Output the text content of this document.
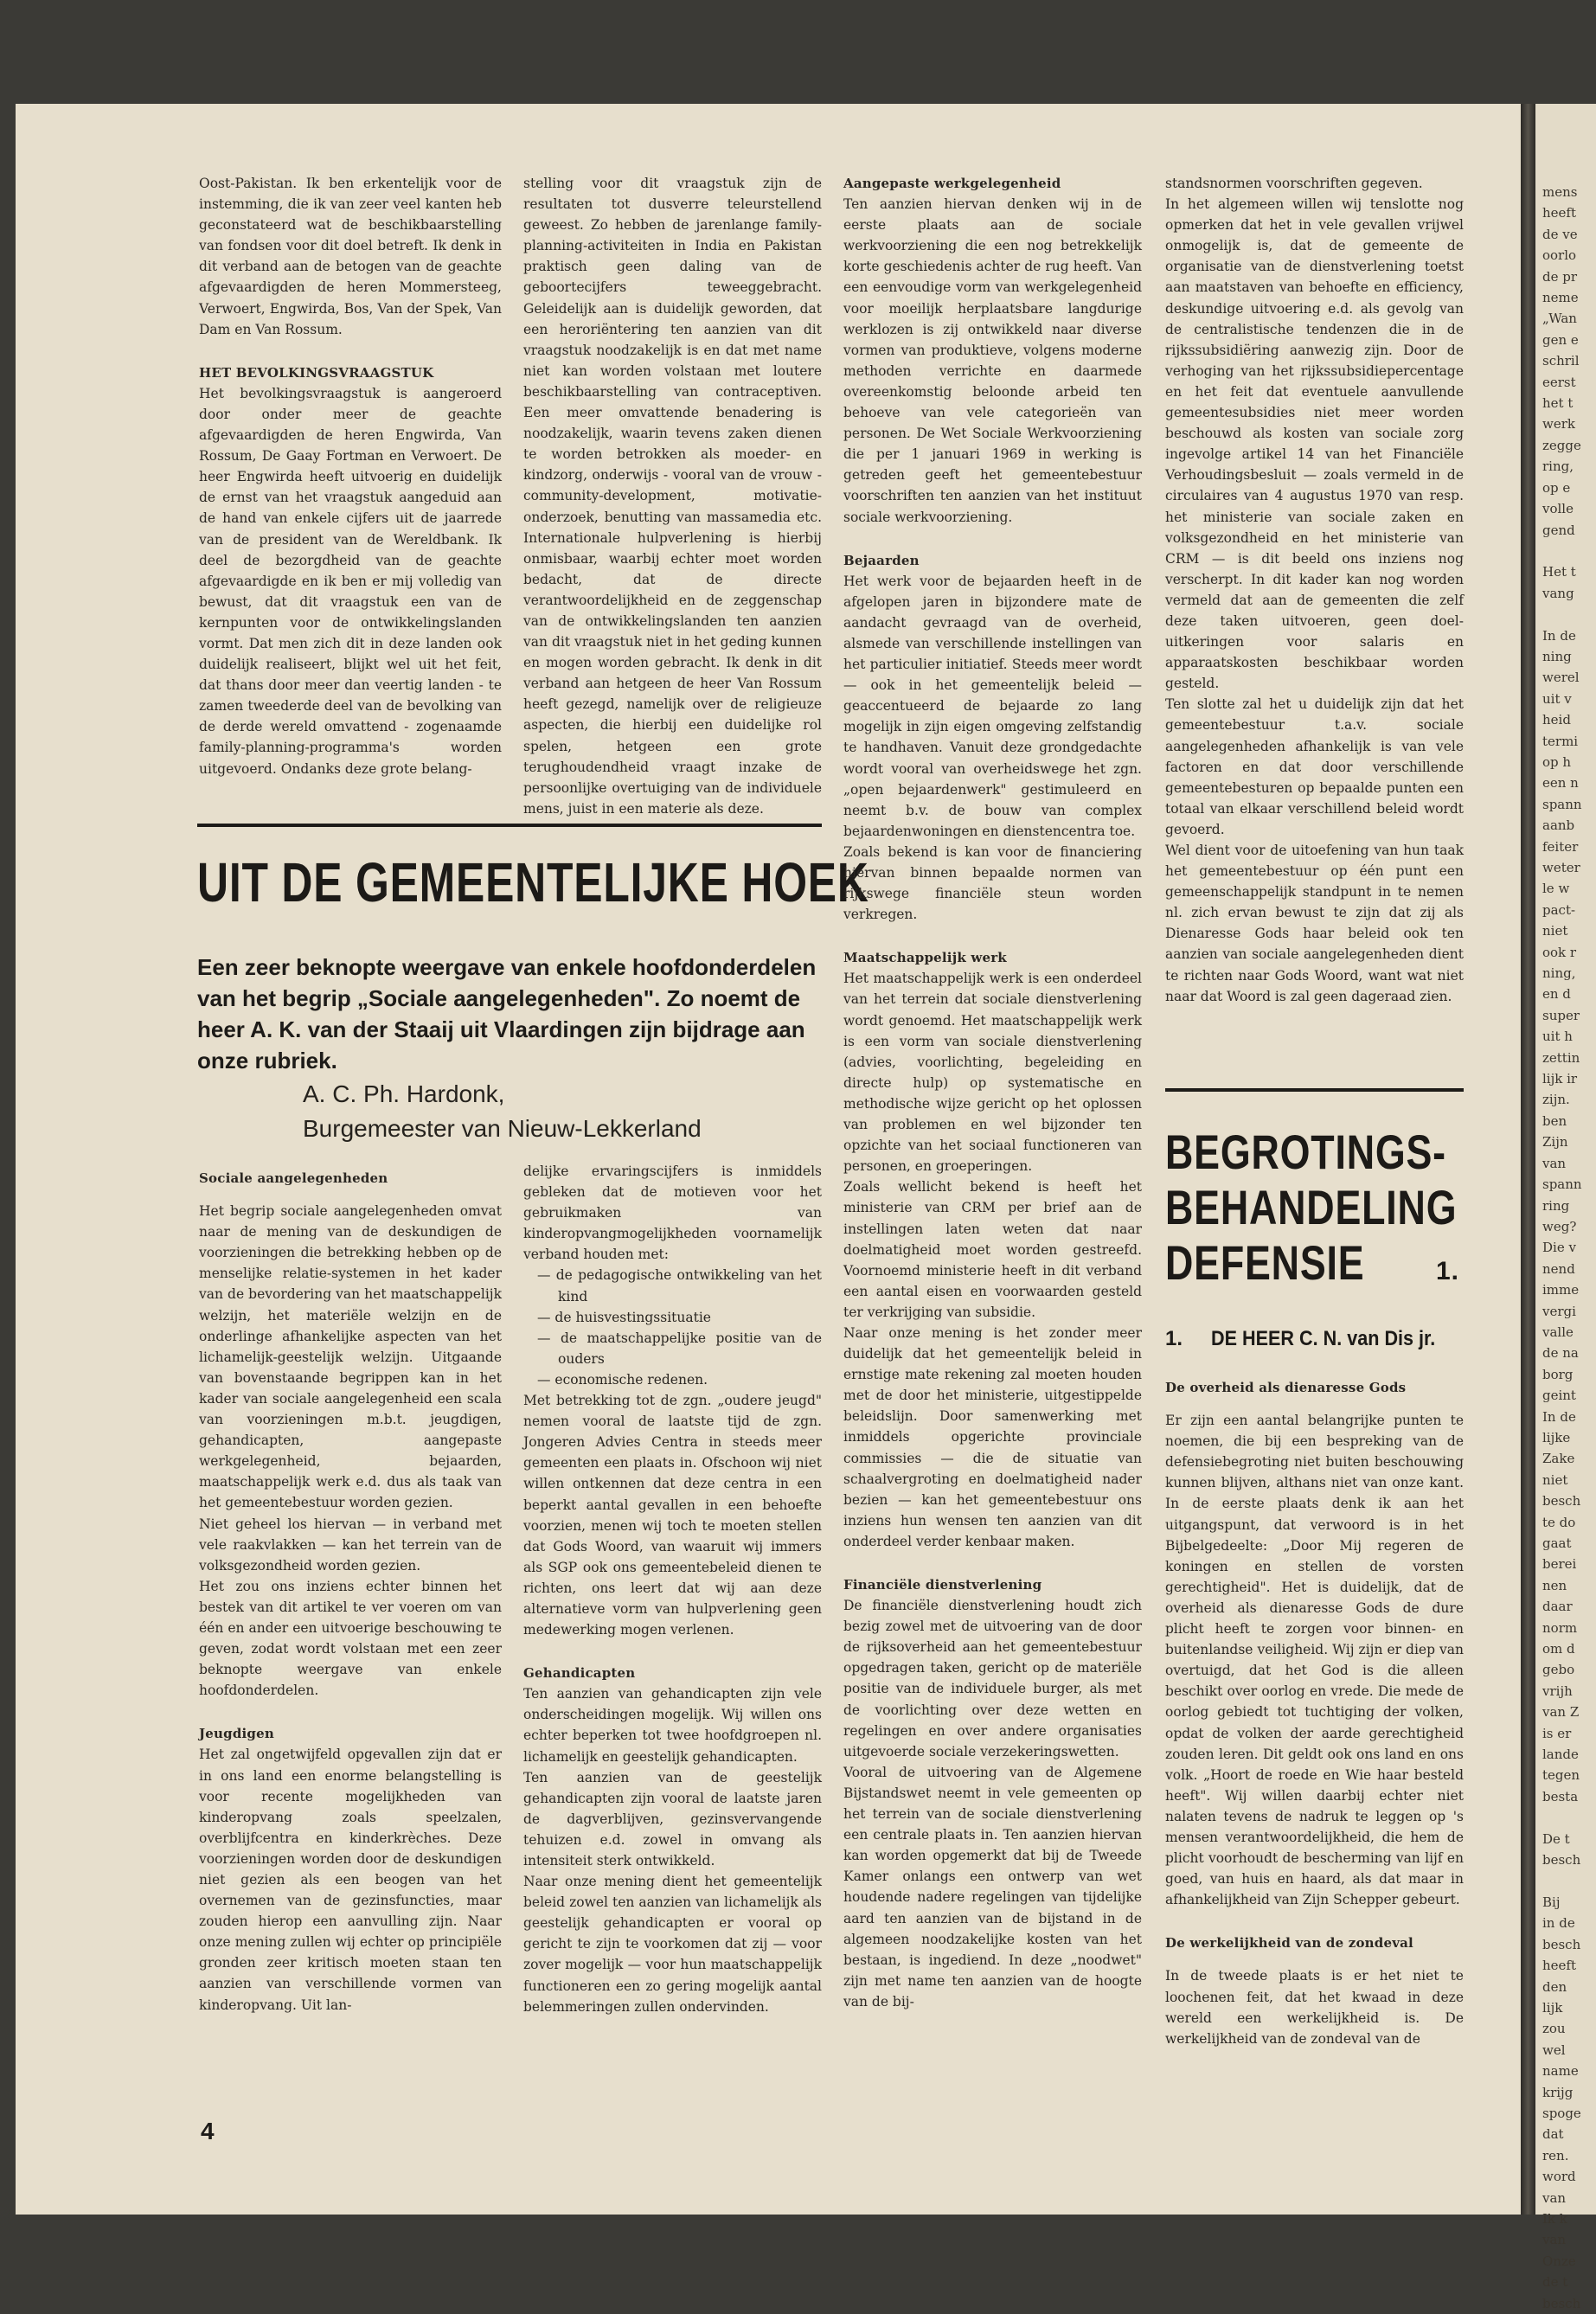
mens
heeft
de ve
oorlo
de pr
neme
„Wan
gen e
schril
eerst
het t
werk
zegge
ring,
op e
volle
gend

Het t
vang

In de
ning
werel
uit v
heid
termi
op h
een n
spann
aanb
feiter
weter
le w
pact-
niet
ook r
ning,
en d
super
uit h
zettin
lijk ir
zijn.
ben
Zijn
van
spann
ring
weg?
Die v
nend
imme
vergi
valle
de na
borg
geint
In de
lijke
Zake
niet
besch
te do
gaat
berei
nen
daar
norm
om d
gebo
vrijh
van Z
is er
lande
tegen
besta

De t
besch

Bij
in de
besch
heeft
den
lijk
zou
wel
name
krijg
spoge
dat
ren.
word
van
Ik k
van
Onze
de t
besch

Oost-Pakistan. Ik ben erkentelijk voor de instemming, die ik van zeer veel kanten heb geconstateerd wat de beschikbaarstelling van fondsen voor dit doel betreft. Ik denk in dit verband aan de betogen van de geachte afgevaardigden de heren Mommersteeg, Verwoert, Engwirda, Bos, Van der Spek, Van Dam en Van Rossum.

HET BEVOLKINGSVRAAGSTUK

Het bevolkingsvraagstuk is aangeroerd door onder meer de geachte afgevaardigden de heren Engwirda, Van Rossum, De Gaay Fortman en Verwoert. De heer Engwirda heeft uitvoerig en duidelijk de ernst van het vraagstuk aangeduid aan de hand van enkele cijfers uit de jaarrede van de president van de Wereldbank. Ik deel de bezorgdheid van de geachte afgevaardigde en ik ben er mij volledig van bewust, dat dit vraagstuk een van de kernpunten voor de ontwikkelingslanden vormt. Dat men zich dit in deze landen ook duidelijk realiseert, blijkt wel uit het feit, dat thans door meer dan veertig landen - te zamen tweederde deel van de bevolking van de derde wereld omvattend - zogenaamde family-planning-programma's worden uitgevoerd. Ondanks deze grote belang-

stelling voor dit vraagstuk zijn de resultaten tot dusverre teleurstellend geweest. Zo hebben de jarenlange family-planning-activiteiten in India en Pakistan praktisch geen daling van de geboortecijfers teweeggebracht. Geleidelijk aan is duidelijk geworden, dat een heroriëntering ten aanzien van dit vraagstuk noodzakelijk is en dat met name niet kan worden volstaan met loutere beschikbaarstelling van contraceptiven. Een meer omvattende benadering is noodzakelijk, waarin tevens zaken dienen te worden betrokken als moeder- en kindzorg, onderwijs - vooral van de vrouw - community-development, motivatie-onderzoek, benutting van massamedia etc. Internationale hulpverlening is hierbij onmisbaar, waarbij echter moet worden bedacht, dat de directe verantwoordelijkheid en de zeggenschap van de ontwikkelingslanden ten aanzien van dit vraagstuk niet in het geding kunnen en mogen worden gebracht. Ik denk in dit verband aan hetgeen de heer Van Rossum heeft gezegd, namelijk over de religieuze aspecten, die hierbij een duidelijke rol spelen, hetgeen een grote terughoudendheid vraagt inzake de persoonlijke overtuiging van de individuele mens, juist in een materie als deze.

UIT DE GEMEENTELIJKE HOEK
Een zeer beknopte weergave van enkele hoofdonderdelen van het begrip „Sociale aangelegenheden". Zo noemt de heer A. K. van der Staaij uit Vlaardingen zijn bijdrage aan onze rubriek.
A. C. Ph. Hardonk,
Burgemeester van Nieuw-Lekkerland

Sociale aangelegenheden

Het begrip sociale aangelegenheden omvat naar de mening van de deskundigen de voorzieningen die betrekking hebben op de menselijke relatie-systemen in het kader van de bevordering van het maatschappelijk welzijn, het materiële welzijn en de onderlinge afhankelijke aspecten van het lichamelijk-geestelijk welzijn. Uitgaande van bovenstaande begrippen kan in het kader van sociale aangelegenheid een scala van voorzieningen m.b.t. jeugdigen, gehandicapten, aangepaste werkgelegenheid, bejaarden, maatschappelijk werk e.d. dus als taak van het gemeentebestuur worden gezien.

Niet geheel los hiervan — in verband met vele raakvlakken — kan het terrein van de volksgezondheid worden gezien.

Het zou ons inziens echter binnen het bestek van dit artikel te ver voeren om van één en ander een uitvoerige beschouwing te geven, zodat wordt volstaan met een zeer beknopte weergave van enkele hoofdonderdelen.

Jeugdigen

Het zal ongetwijfeld opgevallen zijn dat er in ons land een enorme belangstelling is voor recente mogelijkheden van kinderopvang zoals speelzalen, overblijfcentra en kinderkrèches. Deze voorzieningen worden door de deskundigen niet gezien als een beogen van het overnemen van de gezinsfuncties, maar zouden hierop een aanvulling zijn. Naar onze mening zullen wij echter op principiële gronden zeer kritisch moeten staan ten aanzien van verschillende vormen van kinderopvang. Uit lan-

delijke ervaringscijfers is inmiddels gebleken dat de motieven voor het gebruikmaken van kinderopvangmogelijkheden voornamelijk verband houden met:

— de pedagogische ontwikkeling van het kind
— de huisvestingssituatie
— de maatschappelijke positie van de ouders
— economische redenen.

Met betrekking tot de zgn. „oudere jeugd" nemen vooral de laatste tijd de zgn. Jongeren Advies Centra in steeds meer gemeenten een plaats in. Ofschoon wij niet willen ontkennen dat deze centra in een beperkt aantal gevallen in een behoefte voorzien, menen wij toch te moeten stellen dat Gods Woord, van waaruit wij immers als SGP ook ons gemeentebeleid dienen te richten, ons leert dat wij aan deze alternatieve vorm van hulpverlening geen medewerking mogen verlenen.

Gehandicapten

Ten aanzien van gehandicapten zijn vele onderscheidingen mogelijk. Wij willen ons echter beperken tot twee hoofdgroepen nl. lichamelijk en geestelijk gehandicapten.

Ten aanzien van de geestelijk gehandicapten zijn vooral de laatste jaren de dagverblijven, gezinsvervangende tehuizen e.d. zowel in omvang als intensiteit sterk ontwikkeld.

Naar onze mening dient het gemeentelijk beleid zowel ten aanzien van lichamelijk als geestelijk gehandicapten er vooral op gericht te zijn te voorkomen dat zij — voor zover mogelijk — voor hun maatschappelijk functioneren een zo gering mogelijk aantal belemmeringen zullen ondervinden.

Aangepaste werkgelegenheid

Ten aanzien hiervan denken wij in de eerste plaats aan de sociale werkvoorziening die een nog betrekkelijk korte geschiedenis achter de rug heeft. Van een eenvoudige vorm van werkgelegenheid voor moeilijk herplaatsbare langdurige werklozen is zij ontwikkeld naar diverse vormen van produktieve, volgens moderne methoden verrichte en daarmede overeenkomstig beloonde arbeid ten behoeve van vele categorieën van personen. De Wet Sociale Werkvoorziening die per 1 januari 1969 in werking is getreden geeft het gemeentebestuur voorschriften ten aanzien van het instituut sociale werkvoorziening.

Bejaarden

Het werk voor de bejaarden heeft in de afgelopen jaren in bijzondere mate de aandacht gevraagd van de overheid, alsmede van verschillende instellingen van het particulier initiatief. Steeds meer wordt — ook in het gemeentelijk beleid — geaccentueerd de bejaarde zo lang mogelijk in zijn eigen omgeving zelfstandig te handhaven. Vanuit deze grondgedachte wordt vooral van overheidswege het zgn. „open bejaardenwerk" gestimuleerd en neemt b.v. de bouw van complex bejaardenwoningen en dienstencentra toe.

Zoals bekend is kan voor de financiering hiervan binnen bepaalde normen van rijkswege financiële steun worden verkregen.

Maatschappelijk werk

Het maatschappelijk werk is een onderdeel van het terrein dat sociale dienstverlening wordt genoemd. Het maatschappelijk werk is een vorm van sociale dienstverlening (advies, voorlichting, begeleiding en directe hulp) op systematische en methodische wijze gericht op het oplossen van problemen en wel bijzonder ten opzichte van het sociaal functioneren van personen, en groeperingen.

Zoals wellicht bekend is heeft het ministerie van CRM per brief aan de instellingen laten weten dat naar doelmatigheid moet worden gestreefd. Voornoemd ministerie heeft in dit verband een aantal eisen en voorwaarden gesteld ter verkrijging van subsidie.

Naar onze mening is het zonder meer duidelijk dat het gemeentelijk beleid in ernstige mate rekening zal moeten houden met de door het ministerie, uitgestippelde beleidslijn. Door samenwerking met inmiddels opgerichte provinciale commissies — die de situatie van schaalvergroting en doelmatigheid nader bezien — kan het gemeentebestuur ons inziens hun wensen ten aanzien van dit onderdeel verder kenbaar maken.

Financiële dienstverlening

De financiële dienstverlening houdt zich bezig zowel met de uitvoering van de door de rijksoverheid aan het gemeentebestuur opgedragen taken, gericht op de materiële positie van de individuele burger, als met de voorlichting over deze wetten en regelingen en over andere organisaties uitgevoerde sociale verzekeringswetten.

Vooral de uitvoering van de Algemene Bijstandswet neemt in vele gemeenten op het terrein van de sociale dienstverlening een centrale plaats in. Ten aanzien hiervan kan worden opgemerkt dat bij de Tweede Kamer onlangs een ontwerp van wet houdende nadere regelingen van tijdelijke aard ten aanzien van de bijstand in de algemeen noodzakelijke kosten van het bestaan, is ingediend. In deze „noodwet" zijn met name ten aanzien van de hoogte van de bij-

standsnormen voorschriften gegeven.

In het algemeen willen wij tenslotte nog opmerken dat het in vele gevallen vrijwel onmogelijk is, dat de gemeente de organisatie van de dienstverlening toetst aan maatstaven van behoefte en efficiency, deskundige uitvoering e.d. als gevolg van de centralistische tendenzen die in de rijkssubsidiëring aanwezig zijn. Door de verhoging van het rijkssubsidiepercentage en het feit dat eventuele aanvullende gemeentesubsidies niet meer worden beschouwd als kosten van sociale zorg ingevolge artikel 14 van het Financiële Verhoudingsbesluit — zoals vermeld in de circulaires van 4 augustus 1970 van resp. het ministerie van sociale zaken en volksgezondheid en het ministerie van CRM — is dit beeld ons inziens nog verscherpt. In dit kader kan nog worden vermeld dat aan de gemeenten die zelf deze taken uitvoeren, geen doel-uitkeringen voor salaris en apparaatskosten beschikbaar worden gesteld.

Ten slotte zal het u duidelijk zijn dat het gemeentebestuur t.a.v. sociale aangelegenheden afhankelijk is van vele factoren en dat door verschillende gemeentebesturen op bepaalde punten een totaal van elkaar verschillend beleid wordt gevoerd.

Wel dient voor de uitoefening van hun taak het gemeentebestuur op één punt een gemeenschappelijk standpunt in te nemen nl. zich ervan bewust te zijn dat zij als Dienaresse Gods haar beleid ook ten aanzien van sociale aangelegenheden dient te richten naar Gods Woord, want wat niet naar dat Woord is zal geen dageraad zien.

BEGROTINGS-
BEHANDELING
DEFENSIE	1.
1. DE HEER C. N. van Dis jr.

De overheid als dienaresse Gods

Er zijn een aantal belangrijke punten te noemen, die bij een bespreking van de defensiebegroting niet buiten beschouwing kunnen blijven, althans niet van onze kant. In de eerste plaats denk ik aan het uitgangspunt, dat verwoord is in het Bijbelgedeelte: „Door Mij regeren de koningen en stellen de vorsten gerechtigheid". Het is duidelijk, dat de overheid als dienaresse Gods de dure plicht heeft te zorgen voor binnen- en buitenlandse veiligheid. Wij zijn er diep van overtuigd, dat het God is die alleen beschikt over oorlog en vrede. Die mede de oorlog gebiedt tot tuchtiging der volken, opdat de volken der aarde gerechtigheid zouden leren. Dit geldt ook ons land en ons volk. „Hoort de roede en Wie haar besteld heeft". Wij willen daarbij echter niet nalaten tevens de nadruk te leggen op 's mensen verantwoordelijkheid, die hem de plicht voorhoudt de bescherming van lijf en goed, van huis en haard, als dat maar in afhankelijkheid van Zijn Schepper gebeurt.

De werkelijkheid van de zondeval

In de tweede plaats is er het niet te loochenen feit, dat het kwaad in deze wereld een werkelijkheid is. De werkelijkheid van de zondeval van de

4
